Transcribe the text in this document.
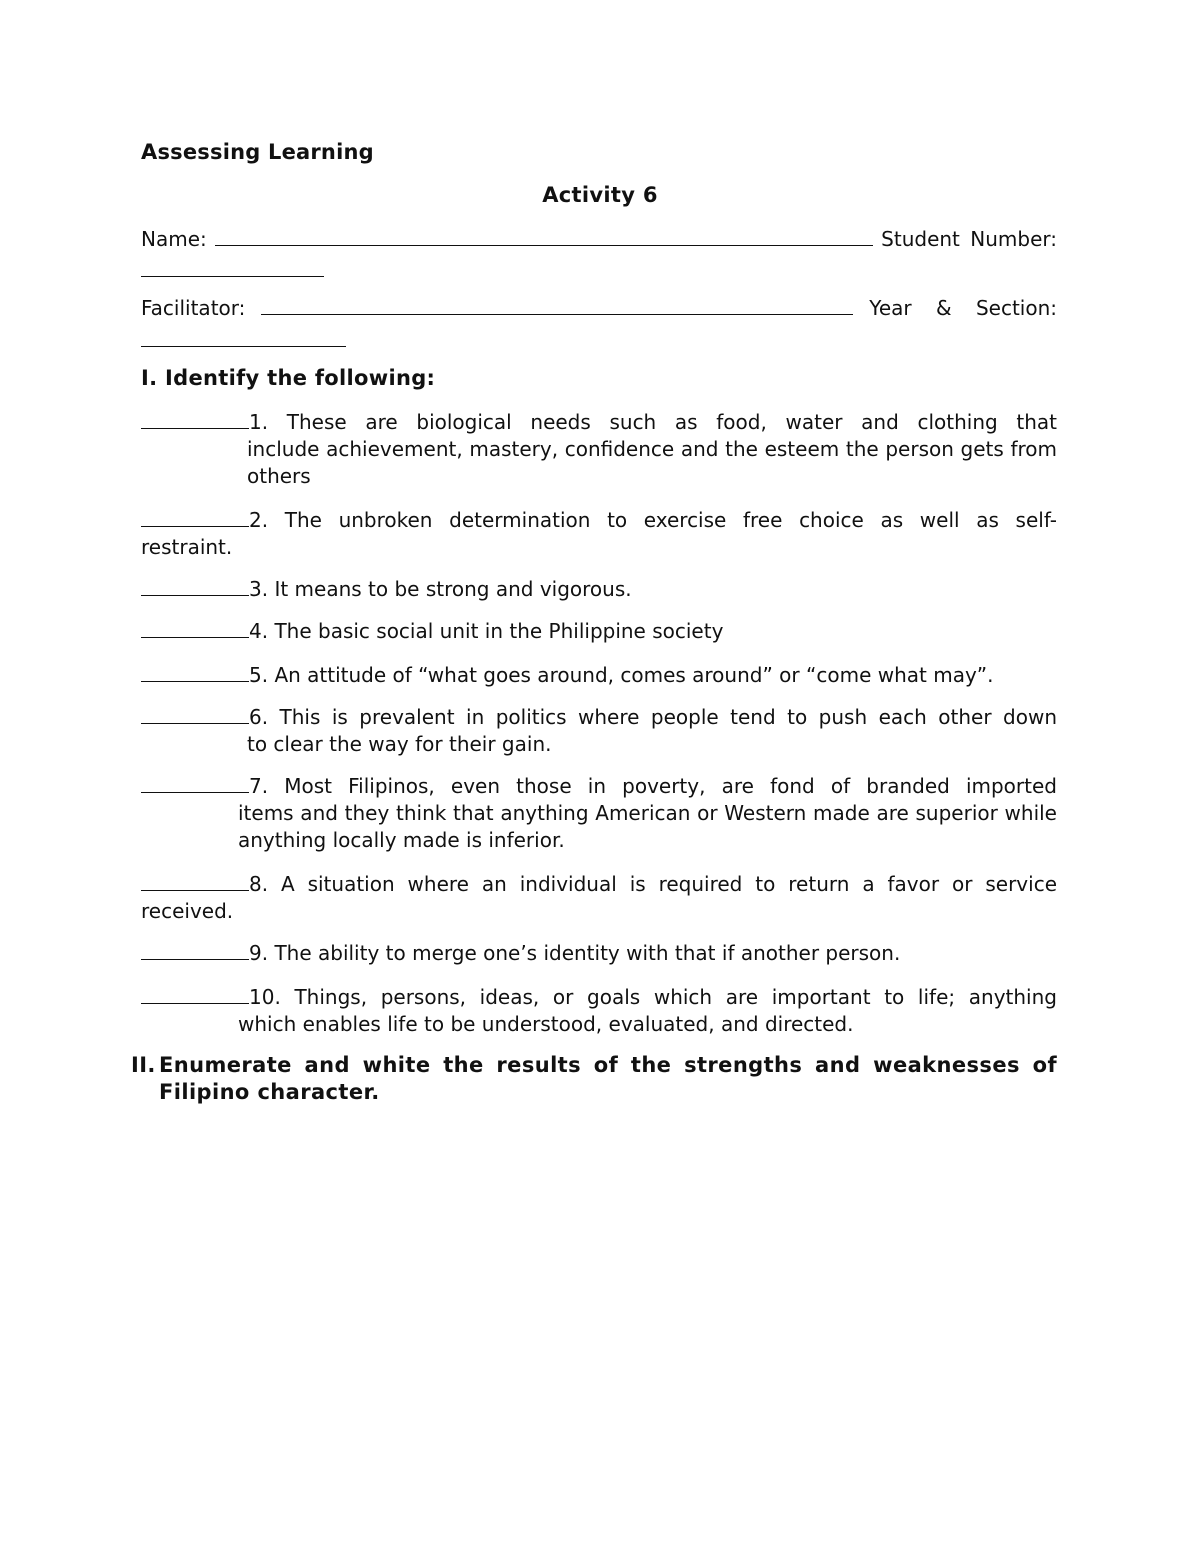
Assessing Learning
Activity 6
Name:	Student Number:
Facilitator:	Year & Section:
I. Identify the following:
1. These are biological needs such as food, water and clothing that
include achievement, mastery, confidence and the esteem the person gets from others
2. The unbroken determination to exercise free choice as well as self-
restraint.
3. It means to be strong and vigorous.
4. The basic social unit in the Philippine society
5. An attitude of “what goes around, comes around” or “come what may”.
6. This is prevalent in politics where people tend to push each other down
to clear the way for their gain.
7. Most Filipinos, even those in poverty, are fond of branded imported
items and they think that anything American or Western made are superior while anything locally made is inferior.
8. A situation where an individual is required to return a favor or service
received.
9. The ability to merge one’s identity with that if another person.
10. Things, persons, ideas, or goals which are important to life; anything
which enables life to be understood, evaluated, and directed.
II. Enumerate and white the results of the strengths and weaknesses of Filipino character.
